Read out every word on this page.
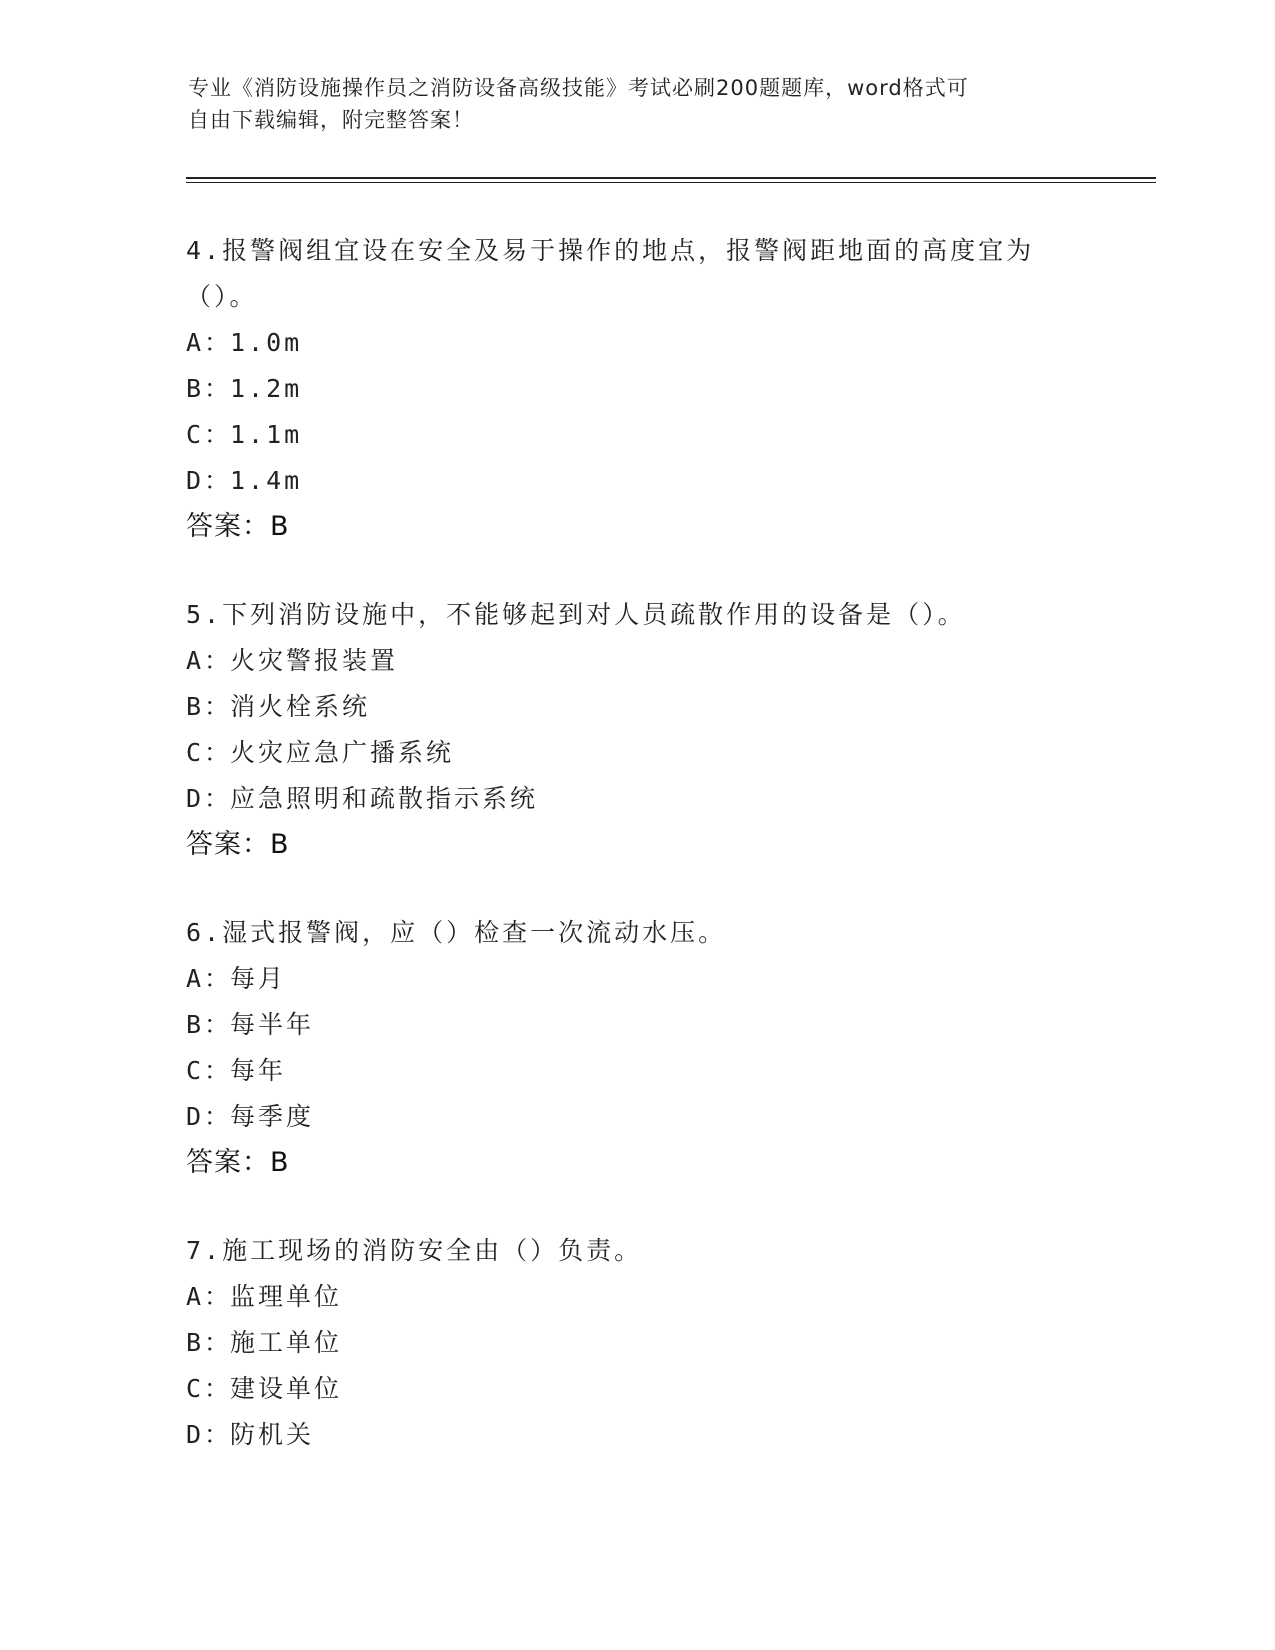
专业《消防设施操作员之消防设备高级技能》考试必刷200题题库，word格式可
自由下载编辑，附完整答案！
4.报警阀组宜设在安全及易于操作的地点，报警阀距地面的高度宜为
（）。
A：1.0m
B：1.2m
C：1.1m
D：1.4m
答案：B
5.下列消防设施中，不能够起到对人员疏散作用的设备是（）。
A：火灾警报装置
B：消火栓系统
C：火灾应急广播系统
D：应急照明和疏散指示系统
答案：B
6.湿式报警阀，应（）检查一次流动水压。
A：每月
B：每半年
C：每年
D：每季度
答案：B
7.施工现场的消防安全由（）负责。
A：监理单位
B：施工单位
C：建设单位
D：防机关
